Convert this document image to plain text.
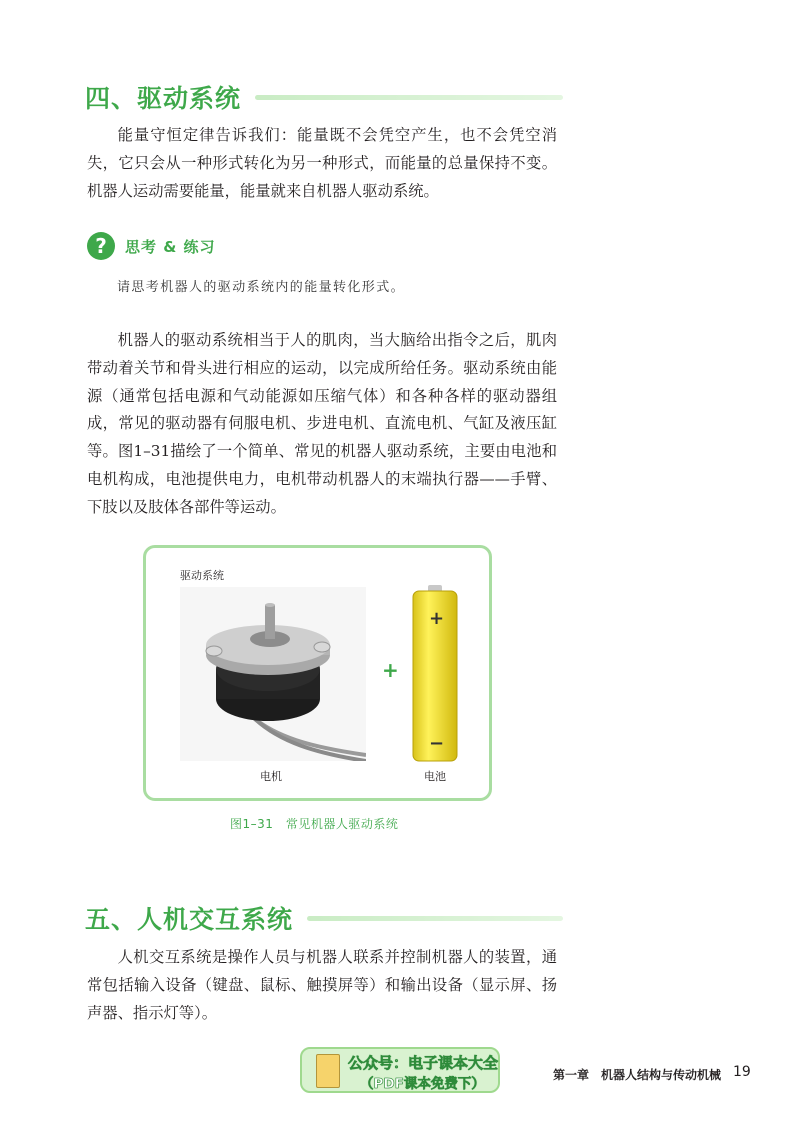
四、驱动系统

能量守恒定律告诉我们：能量既不会凭空产生，也不会凭空消失，它只会从一种形式转化为另一种形式，而能量的总量保持不变。机器人运动需要能量，能量就来自机器人驱动系统。

?	思考 & 练习
请思考机器人的驱动系统内的能量转化形式。

机器人的驱动系统相当于人的肌肉，当大脑给出指令之后，肌肉带动着关节和骨头进行相应的运动，以完成所给任务。驱动系统由能源（通常包括电源和气动能源如压缩气体）和各种各样的驱动器组成，常见的驱动器有伺服电机、步进电机、直流电机、气缸及液压缸等。图1–31描绘了一个简单、常见的机器人驱动系统，主要由电池和电机构成，电池提供电力，电机带动机器人的末端执行器——手臂、下肢以及肢体各部件等运动。

驱动系统
+
+
−
电机	电池
图1–31　常见机器人驱动系统
五、人机交互系统

人机交互系统是操作人员与机器人联系并控制机器人的装置，通常包括输入设备（键盘、鼠标、触摸屏等）和输出设备（显示屏、扬声器、指示灯等）。

公众号：电子课本大全
（PDF课本免费下）
第一章　机器人结构与传动机械 19
